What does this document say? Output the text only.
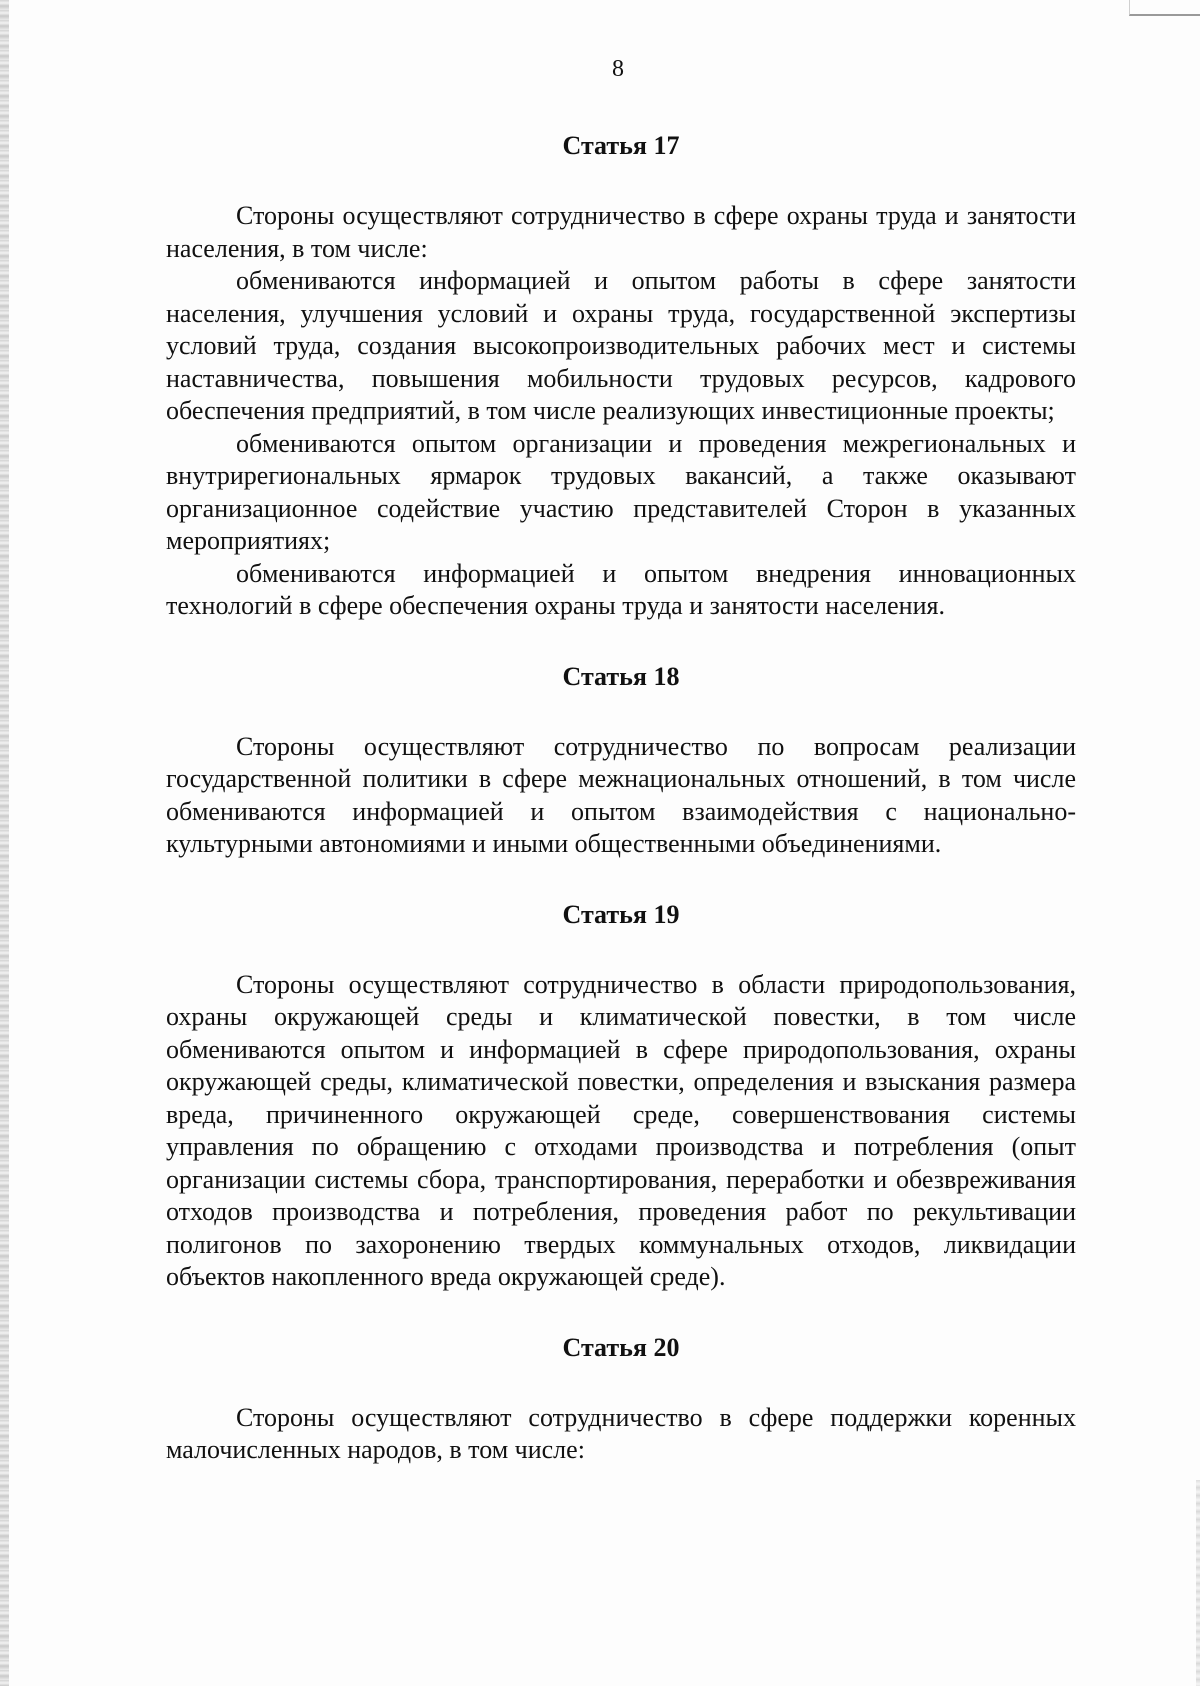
8
Статья 17

Стороны осуществляют сотрудничество в сфере охраны труда и занятости населения, в том числе:

обмениваются информацией и опытом работы в сфере занятости населения, улучшения условий и охраны труда, государственной экспертизы условий труда, создания высокопроизводительных рабочих мест и системы наставничества, повышения мобильности трудовых ресурсов, кадрового обеспечения предприятий, в том числе реализующих инвестиционные проекты;

обмениваются опытом организации и проведения межрегиональных и внутрирегиональных ярмарок трудовых вакансий, а также оказывают организационное содействие участию представителей Сторон в указанных мероприятиях;

обмениваются информацией и опытом внедрения инновационных технологий в сфере обеспечения охраны труда и занятости населения.

Статья 18

Стороны осуществляют сотрудничество по вопросам реализации государственной политики в сфере межнациональных отношений, в том числе обмениваются информацией и опытом взаимодействия с национально-культурными автономиями и иными общественными объединениями.

Статья 19

Стороны осуществляют сотрудничество в области природопользования, охраны окружающей среды и климатической повестки, в том числе обмениваются опытом и информацией в сфере природопользования, охраны окружающей среды, климатической повестки, определения и взыскания размера вреда, причиненного окружающей среде, совершенствования системы управления по обращению с отходами производства и потребления (опыт организации системы сбора, транспортирования, переработки и обезвреживания отходов производства и потребления, проведения работ по рекультивации полигонов по захоронению твердых коммунальных отходов, ликвидации объектов накопленного вреда окружающей среде).

Статья 20

Стороны осуществляют сотрудничество в сфере поддержки коренных малочисленных народов, в том числе:
